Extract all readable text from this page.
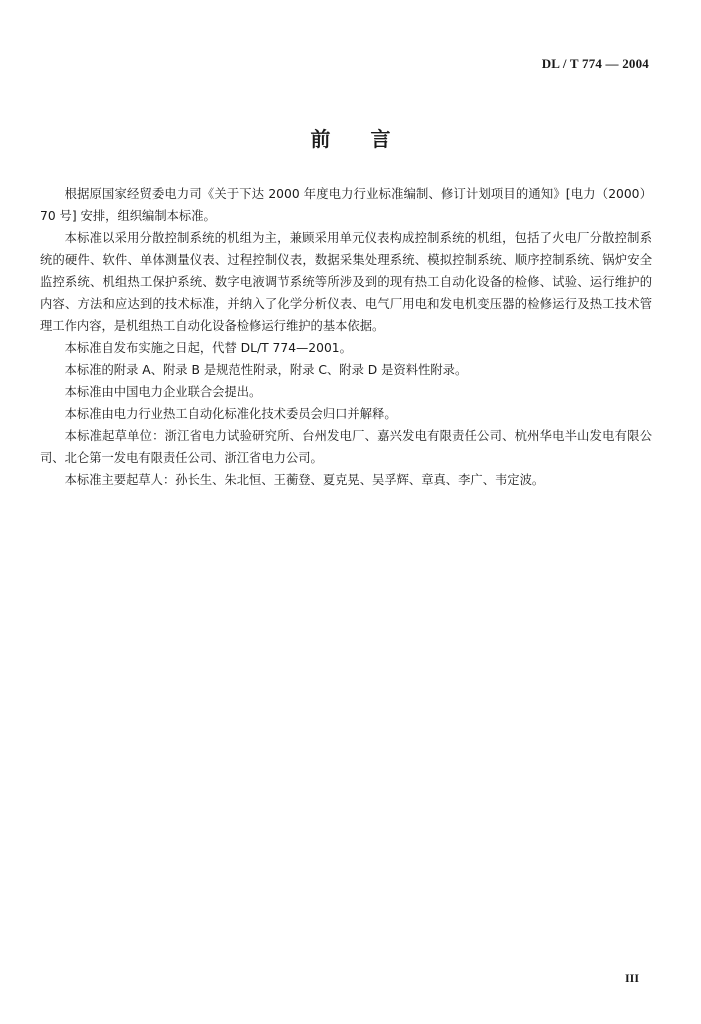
DL / T 774 — 2004
前言

根据原国家经贸委电力司《关于下达 2000 年度电力行业标准编制、修订计划项目的通知》[电力（2000）70 号] 安排，组织编制本标准。

本标准以采用分散控制系统的机组为主，兼顾采用单元仪表构成控制系统的机组，包括了火电厂分散控制系统的硬件、软件、单体测量仪表、过程控制仪表，数据采集处理系统、模拟控制系统、顺序控制系统、锅炉安全监控系统、机组热工保护系统、数字电液调节系统等所涉及到的现有热工自动化设备的检修、试验、运行维护的内容、方法和应达到的技术标准，并纳入了化学分析仪表、电气厂用电和发电机变压器的检修运行及热工技术管理工作内容，是机组热工自动化设备检修运行维护的基本依据。

本标准自发布实施之日起，代替 DL/T 774—2001。

本标准的附录 A、附录 B 是规范性附录，附录 C、附录 D 是资料性附录。

本标准由中国电力企业联合会提出。

本标准由电力行业热工自动化标准化技术委员会归口并解释。

本标准起草单位：浙江省电力试验研究所、台州发电厂、嘉兴发电有限责任公司、杭州华电半山发电有限公司、北仑第一发电有限责任公司、浙江省电力公司。

本标准主要起草人：孙长生、朱北恒、王蘅登、夏克晃、吴孚辉、章真、李广、韦定波。

III
